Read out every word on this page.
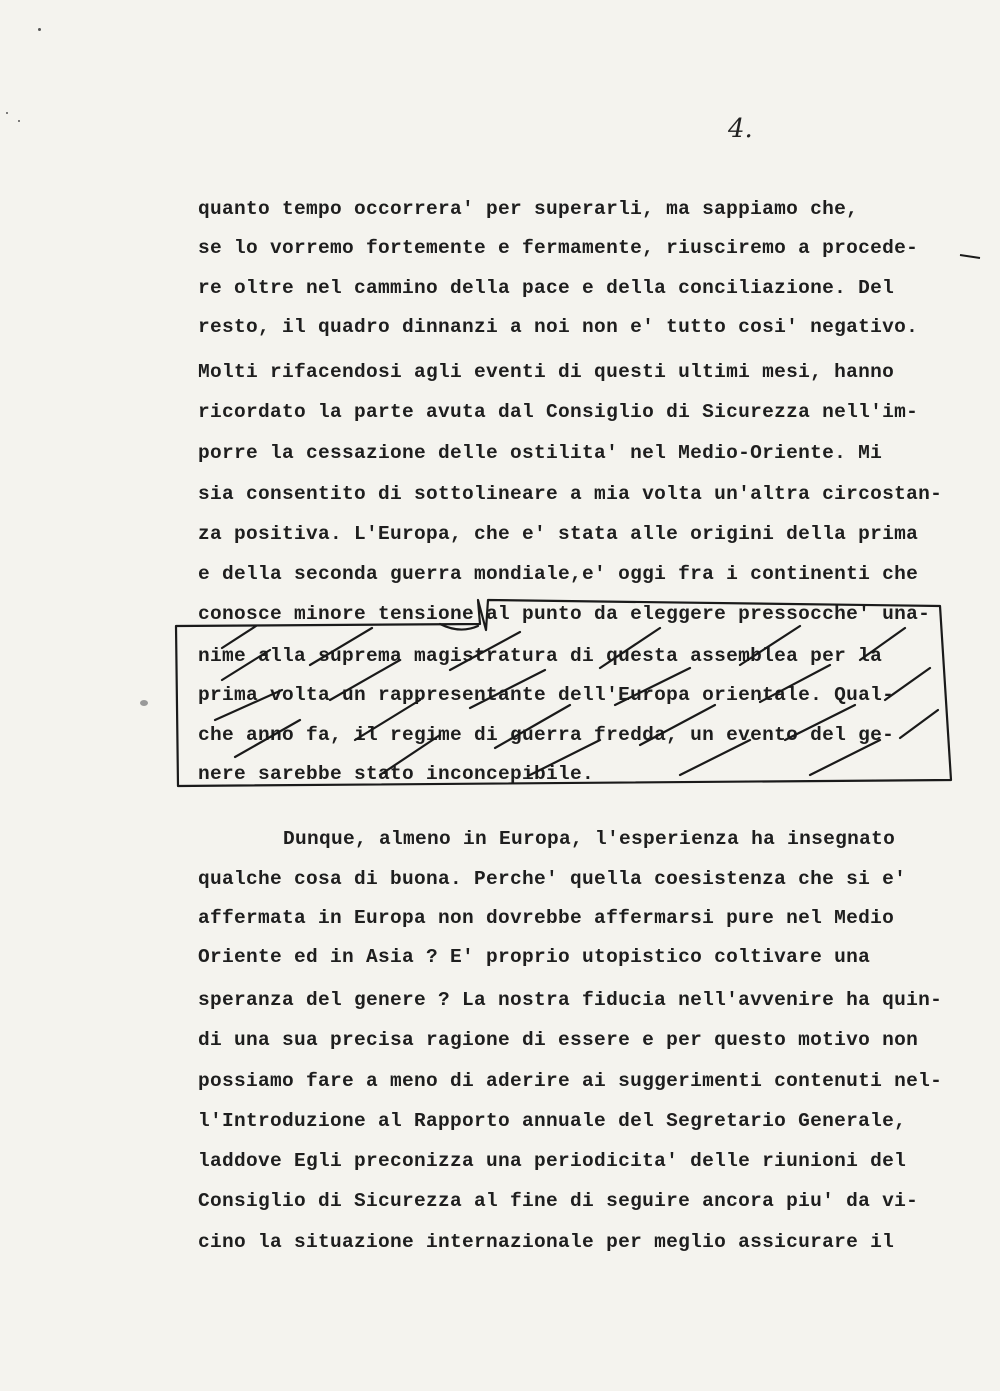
4.
quanto tempo occorrera' per superarli, ma sappiamo che,
se lo vorremo fortemente e fermamente, riusciremo a procede-
re oltre nel cammino della pace e della conciliazione. Del
resto, il quadro dinnanzi a noi non e' tutto cosi' negativo.
Molti rifacendosi agli eventi di questi ultimi mesi, hanno
ricordato la parte avuta dal Consiglio di Sicurezza nell'im-
porre la cessazione delle ostilita' nel Medio-Oriente. Mi
sia consentito di sottolineare a mia volta un'altra circostan-
za positiva. L'Europa, che e' stata alle origini della prima
e della seconda guerra mondiale,e' oggi fra i continenti che
conosce minore tensione al punto da eleggere pressocche' una-
nime alla suprema magistratura di questa assemblea per la
prima volta un rappresentante dell'Europa orientale. Qual-
che anno fa, il regime di guerra fredda, un evento del ge-
nere sarebbe stato inconcepibile.
Dunque, almeno in Europa, l'esperienza ha insegnato
qualche cosa di buona. Perche' quella coesistenza che si e'
affermata in Europa non dovrebbe affermarsi pure nel Medio
Oriente ed in Asia ? E' proprio utopistico coltivare una
speranza del genere ? La nostra fiducia nell'avvenire ha quin-
di una sua precisa ragione di essere e per questo motivo non
possiamo fare a meno di aderire ai suggerimenti contenuti nel-
l'Introduzione al Rapporto annuale del Segretario Generale,
laddove Egli preconizza una periodicita' delle riunioni del
Consiglio di Sicurezza al fine di seguire ancora piu' da vi-
cino la situazione internazionale per meglio assicurare il
